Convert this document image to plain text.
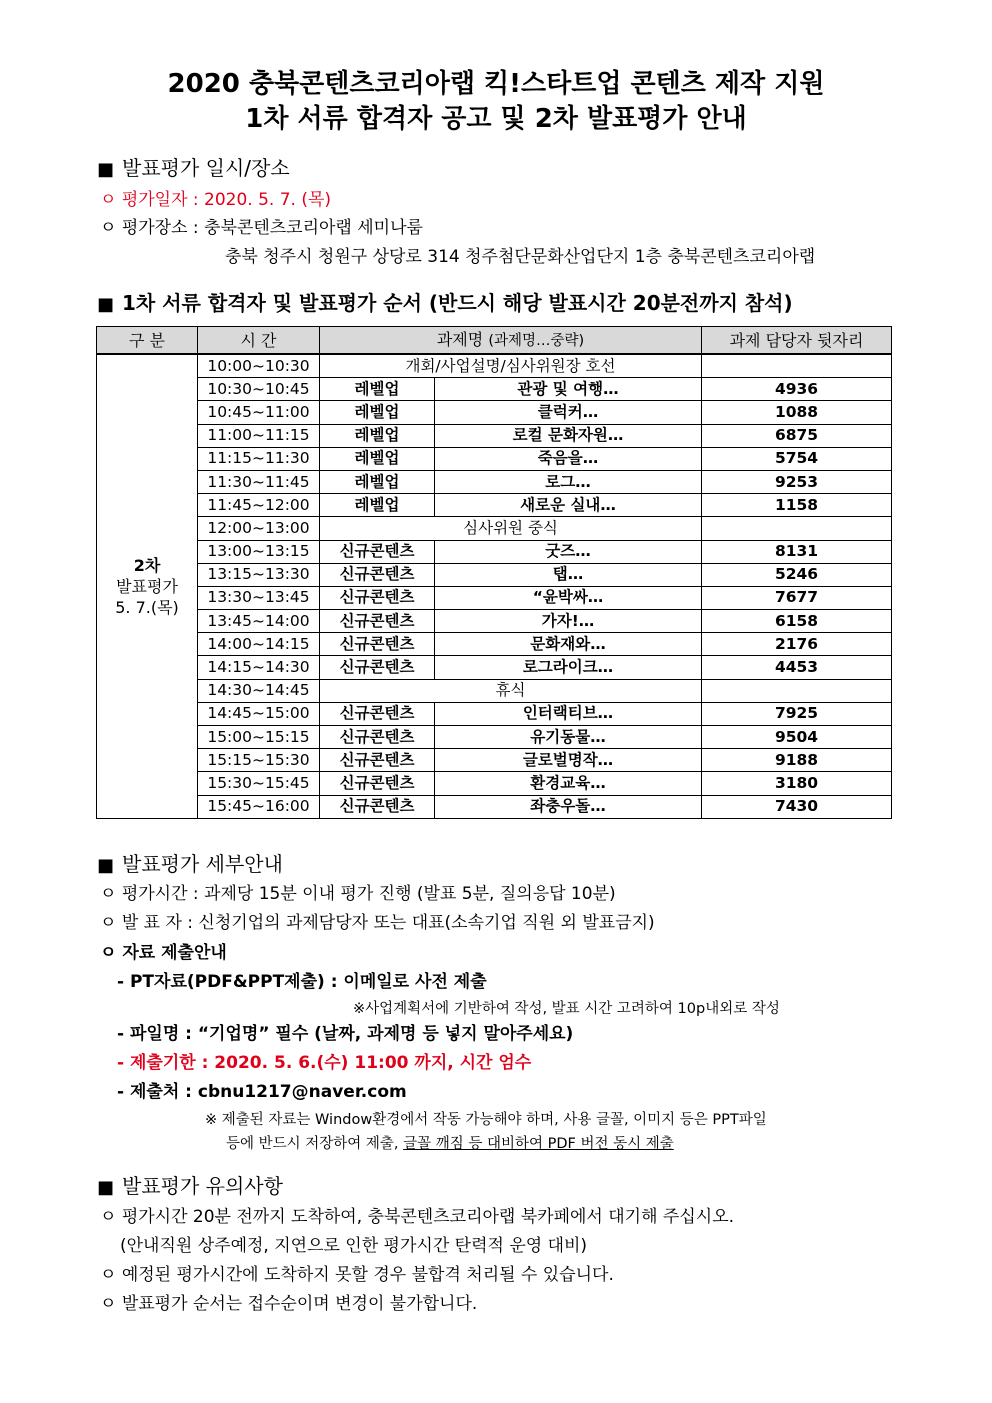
2020 충북콘텐츠코리아랩 킥!스타트업 콘텐츠 제작 지원
1차 서류 합격자 공고 및 2차 발표평가 안내
■ 발표평가 일시/장소
ㅇ 평가일자 : 2020. 5. 7. (목)
ㅇ 평가장소 : 충북콘텐츠코리아랩 세미나룸
충북 청주시 청원구 상당로 314 청주첨단문화산업단지 1층 충북콘텐츠코리아랩
■ 1차 서류 합격자 및 발표평가 순서 (반드시 해당 발표시간 20분전까지 참석)
구 분	시 간	과제명 (과제명…중략)		과제 담당자 뒷자리

2차
발표평가
5. 7.(목)	10:00~10:30	개회/사업설명/심사위원장 호선		
	10:30~10:45	레벨업	관광 및 여행…	4936
	10:45~11:00	레벨업	클럭커…	1088
	11:00~11:15	레벨업	로컬 문화자원…	6875
	11:15~11:30	레벨업	죽음을…	5754
	11:30~11:45	레벨업	로그…	9253
	11:45~12:00	레벨업	새로운 실내…	1158
	12:00~13:00	심사위원 중식		
	13:00~13:15	신규콘텐츠	굿즈…	8131
	13:15~13:30	신규콘텐츠	탭…	5246
	13:30~13:45	신규콘텐츠	“윤박싸…	7677
	13:45~14:00	신규콘텐츠	가자!…	6158
	14:00~14:15	신규콘텐츠	문화재와…	2176
	14:15~14:30	신규콘텐츠	로그라이크…	4453
	14:30~14:45	휴식		
	14:45~15:00	신규콘텐츠	인터랙티브…	7925
	15:00~15:15	신규콘텐츠	유기동물…	9504
	15:15~15:30	신규콘텐츠	글로벌명작…	9188
	15:30~15:45	신규콘텐츠	환경교육…	3180
	15:45~16:00	신규콘텐츠	좌충우돌…	7430
■ 발표평가 세부안내
ㅇ 평가시간 : 과제당 15분 이내 평가 진행 (발표 5분, 질의응답 10분)
ㅇ 발 표 자 : 신청기업의 과제담당자 또는 대표(소속기업 직원 외 발표금지)
ㅇ 자료 제출안내
- PT자료(PDF&PPT제출) : 이메일로 사전 제출
※사업계획서에 기반하여 작성, 발표 시간 고려하여 10p내외로 작성
- 파일명 : “기업명” 필수 (날짜, 과제명 등 넣지 말아주세요)
- 제출기한 : 2020. 5. 6.(수) 11:00 까지, 시간 엄수
- 제출처 : cbnu1217@naver.com
※ 제출된 자료는 Window환경에서 작동 가능해야 하며, 사용 글꼴, 이미지 등은 PPT파일
등에 반드시 저장하여 제출, 글꼴 깨짐 등 대비하여 PDF 버전 동시 제출
■ 발표평가 유의사항
ㅇ 평가시간 20분 전까지 도착하여, 충북콘텐츠코리아랩 북카페에서 대기해 주십시오.
(안내직원 상주예정, 지연으로 인한 평가시간 탄력적 운영 대비)
ㅇ 예정된 평가시간에 도착하지 못할 경우 불합격 처리될 수 있습니다.
ㅇ 발표평가 순서는 접수순이며 변경이 불가합니다.
